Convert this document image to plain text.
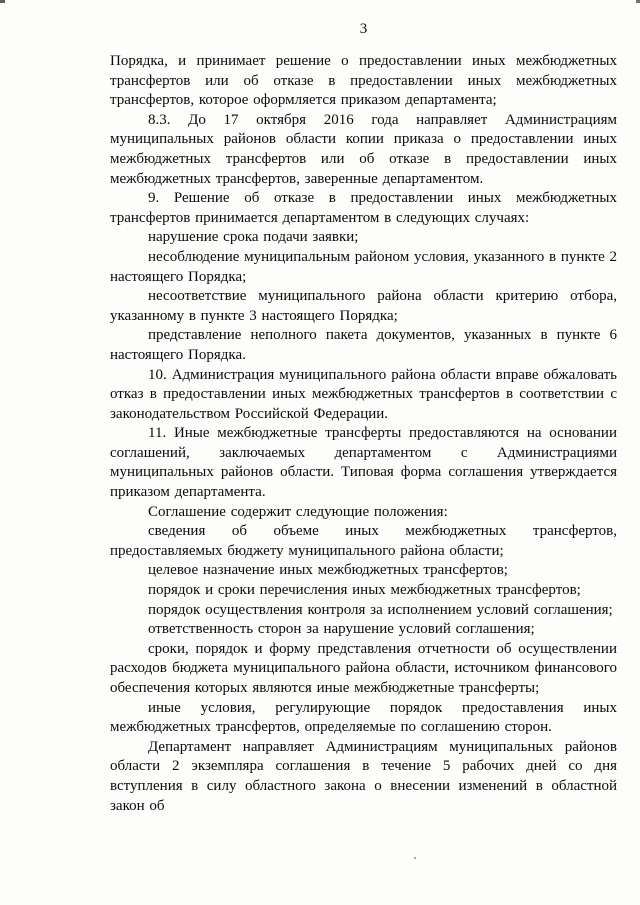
3

Порядка, и принимает решение о предоставлении иных межбюджетных трансфертов или об отказе в предоставлении иных межбюджетных трансфертов, которое оформляется приказом департамента;

8.3. До 17 октября 2016 года направляет Администрациям муниципальных районов области копии приказа о предоставлении иных межбюджетных трансфертов или об отказе в предоставлении иных межбюджетных трансфертов, заверенные департаментом.

9. Решение об отказе в предоставлении иных межбюджетных трансфертов принимается департаментом в следующих случаях:

нарушение срока подачи заявки;

несоблюдение муниципальным районом условия, указанного в пункте 2 настоящего Порядка;

несоответствие муниципального района области критерию отбора, указанному в пункте 3 настоящего Порядка;

представление неполного пакета документов, указанных в пункте 6 настоящего Порядка.

10. Администрация муниципального района области вправе обжаловать отказ в предоставлении иных межбюджетных трансфертов в соответствии с законодательством Российской Федерации.

11. Иные межбюджетные трансферты предоставляются на основании соглашений, заключаемых департаментом с Администрациями муниципальных районов области. Типовая форма соглашения утверждается приказом департамента.

Соглашение содержит следующие положения:

сведения об объеме иных межбюджетных трансфертов, предоставляемых бюджету муниципального района области;

целевое назначение иных межбюджетных трансфертов;

порядок и сроки перечисления иных межбюджетных трансфертов;

порядок осуществления контроля за исполнением условий соглашения;

ответственность сторон за нарушение условий соглашения;

сроки, порядок и форму представления отчетности об осуществлении расходов бюджета муниципального района области, источником финансового обеспечения которых являются иные межбюджетные трансферты;

иные условия, регулирующие порядок предоставления иных межбюджетных трансфертов, определяемые по соглашению сторон.

Департамент направляет Администрациям муниципальных районов области 2 экземпляра соглашения в течение 5 рабочих дней со дня вступления в силу областного закона о внесении изменений в областной закон об
